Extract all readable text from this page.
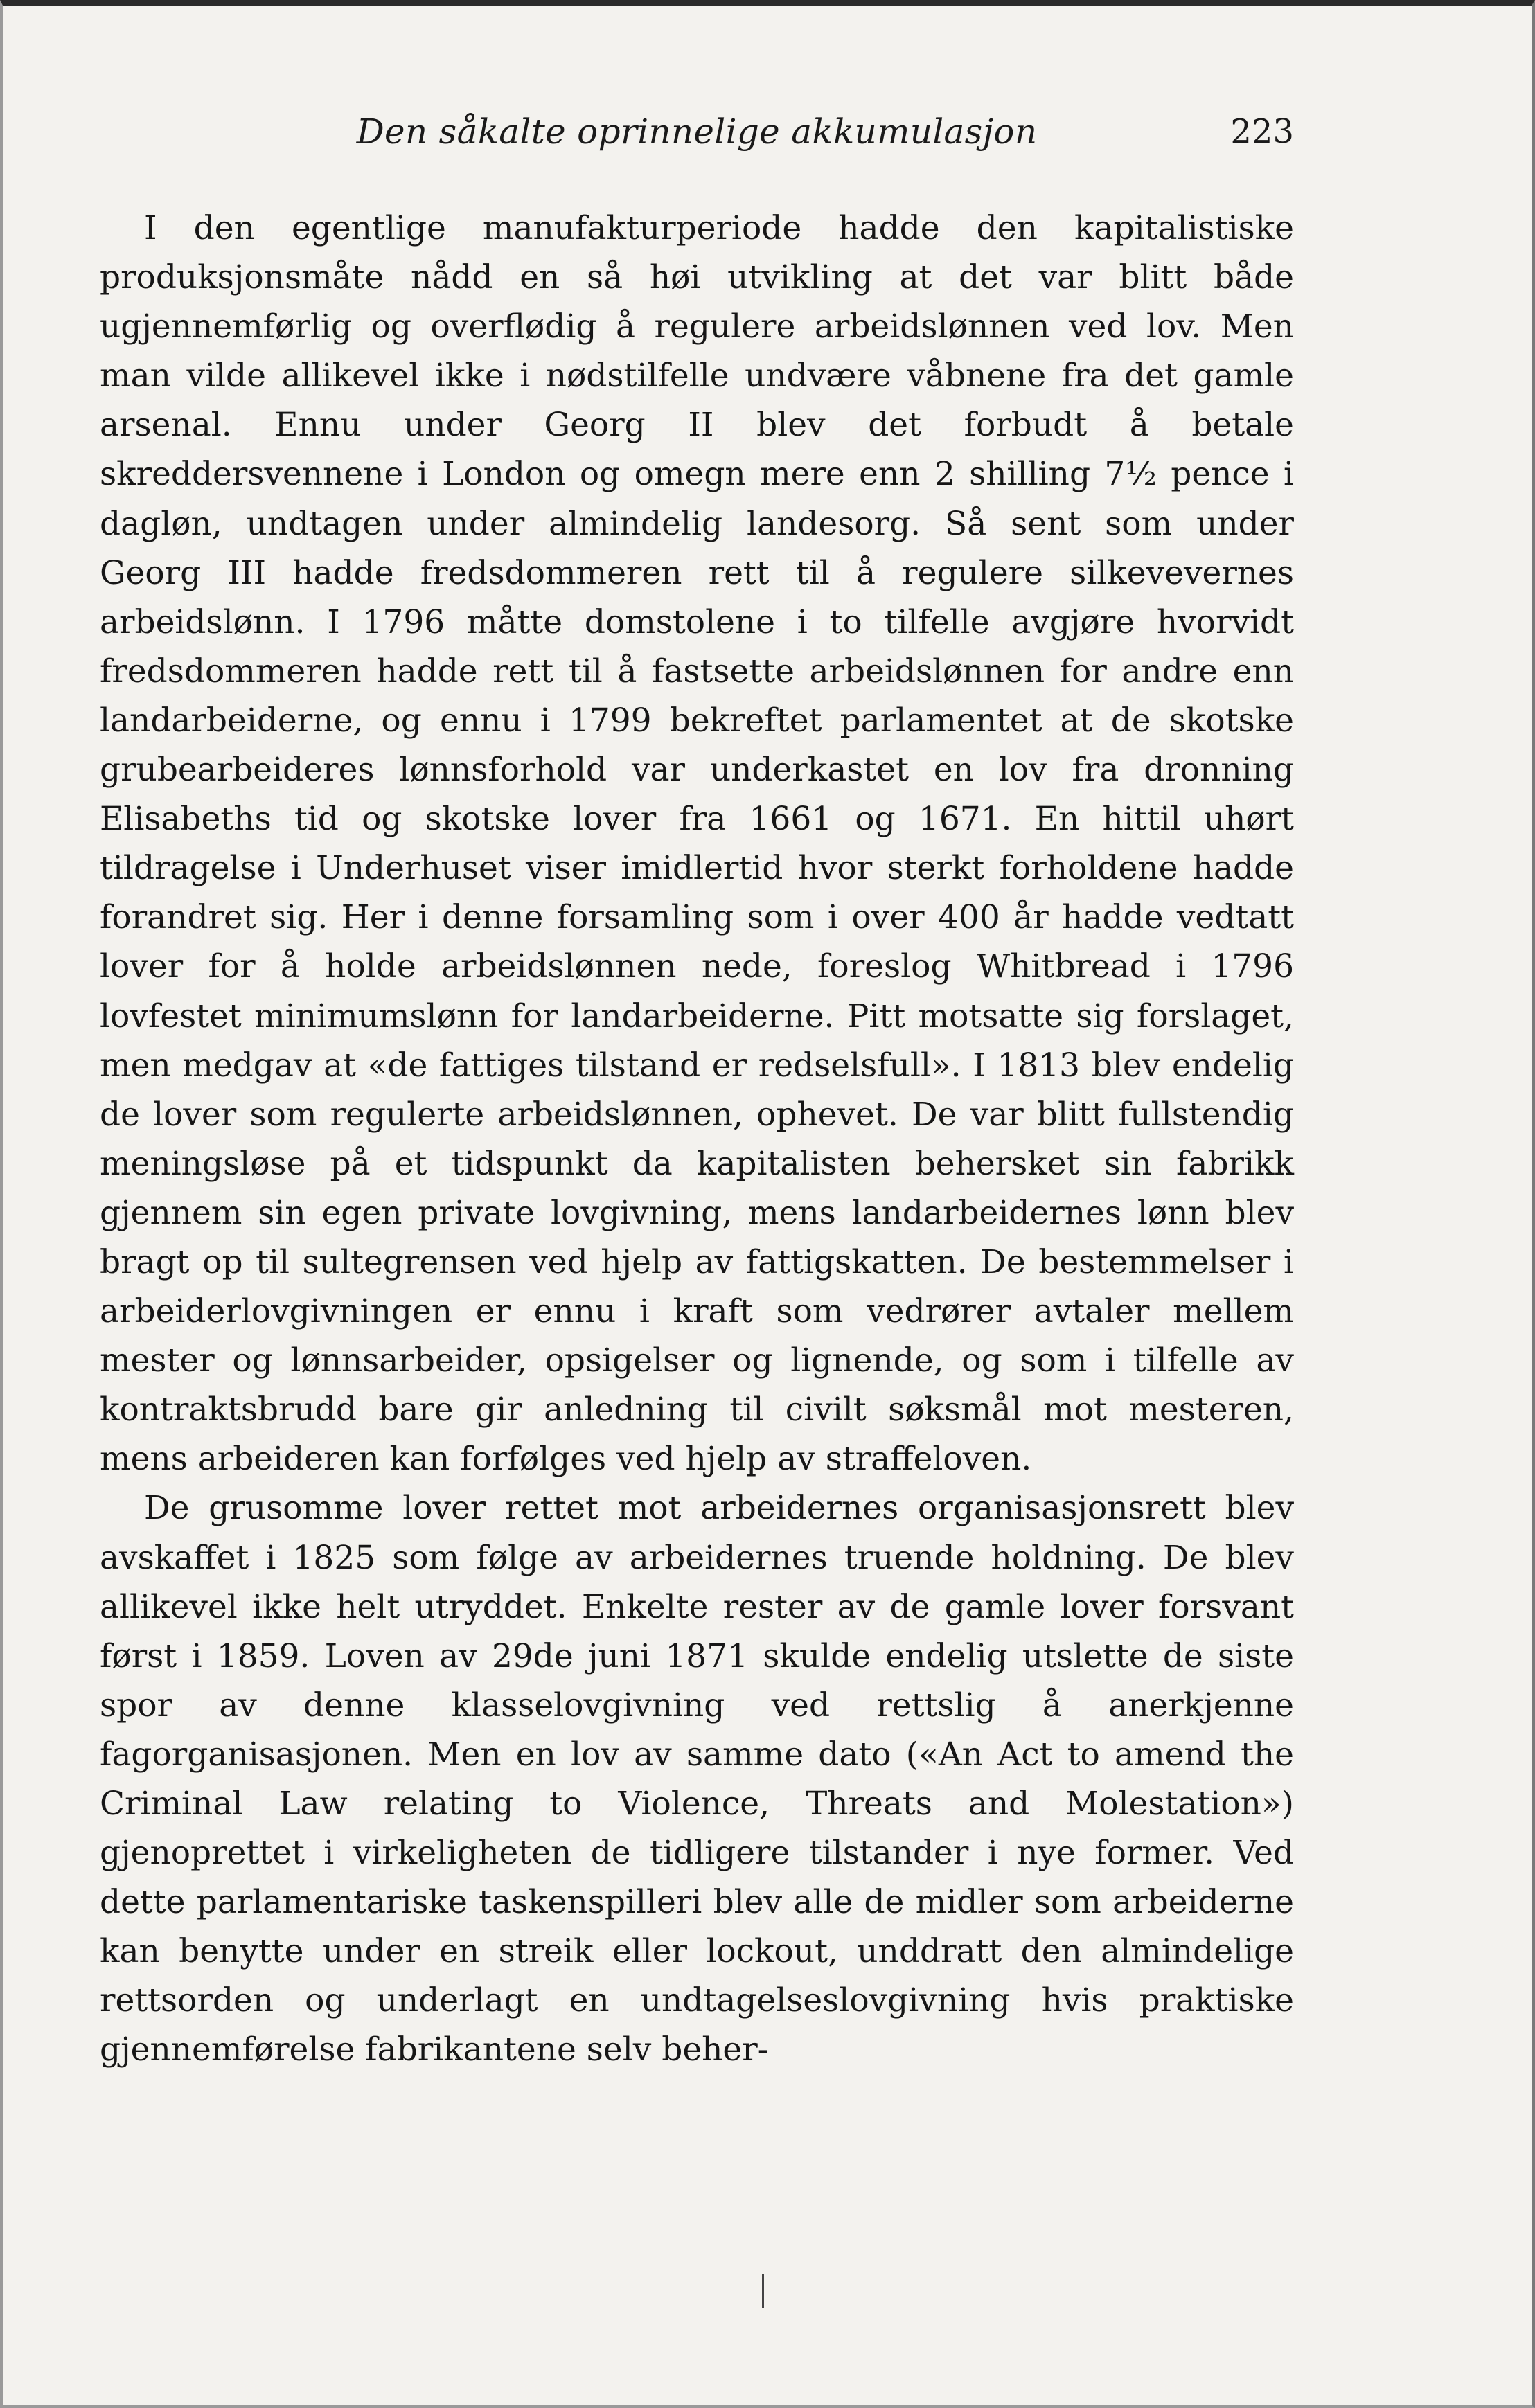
Den såkalte oprinnelige akkumulasjon	223

I den egentlige manufakturperiode hadde den kapitalistiske produksjonsmåte nådd en så høi utvikling at det var blitt både ugjennemførlig og overflødig å regulere arbeidslønnen ved lov. Men man vilde allikevel ikke i nødstilfelle undvære våbnene fra det gamle arsenal. Ennu under Georg II blev det forbudt å betale skreddersvennene i London og omegn mere enn 2 shilling 7½ pence i dagløn, undtagen under almindelig landesorg. Så sent som under Georg III hadde fredsdommeren rett til å regulere silkevevernes arbeidslønn. I 1796 måtte domstolene i to tilfelle avgjøre hvorvidt fredsdommeren hadde rett til å fastsette arbeidslønnen for andre enn landarbeiderne, og ennu i 1799 bekreftet parlamentet at de skotske grubearbeideres lønnsforhold var underkastet en lov fra dronning Elisabeths tid og skotske lover fra 1661 og 1671. En hittil uhørt tildragelse i Underhuset viser imidlertid hvor sterkt forholdene hadde forandret sig. Her i denne forsamling som i over 400 år hadde vedtatt lover for å holde arbeidslønnen nede, foreslog Whitbread i 1796 lovfestet minimumslønn for landarbeiderne. Pitt motsatte sig forslaget, men medgav at «de fattiges tilstand er redselsfull». I 1813 blev endelig de lover som regulerte arbeidslønnen, ophevet. De var blitt fullstendig meningsløse på et tidspunkt da kapitalisten behersket sin fabrikk gjennem sin egen private lovgivning, mens landarbeidernes lønn blev bragt op til sultegrensen ved hjelp av fattigskatten. De bestemmelser i arbeiderlovgivningen er ennu i kraft som vedrører avtaler mellem mester og lønnsarbeider, opsigelser og lignende, og som i tilfelle av kontraktsbrudd bare gir anledning til civilt søksmål mot mesteren, mens arbeideren kan forfølges ved hjelp av straffeloven.

De grusomme lover rettet mot arbeidernes organisasjonsrett blev avskaffet i 1825 som følge av arbeidernes truende holdning. De blev allikevel ikke helt utryddet. Enkelte rester av de gamle lover forsvant først i 1859. Loven av 29de juni 1871 skulde endelig utslette de siste spor av denne klasselovgivning ved rettslig å anerkjenne fagorganisasjonen. Men en lov av samme dato («An Act to amend the Criminal Law relating to Violence, Threats and Molestation») gjenoprettet i virkeligheten de tidligere tilstander i nye former. Ved dette parlamentariske taskenspilleri blev alle de midler som arbeiderne kan benytte under en streik eller lockout, unddratt den almindelige rettsorden og underlagt en undtagelseslovgivning hvis praktiske gjennemførelse fabrikantene selv beher-
